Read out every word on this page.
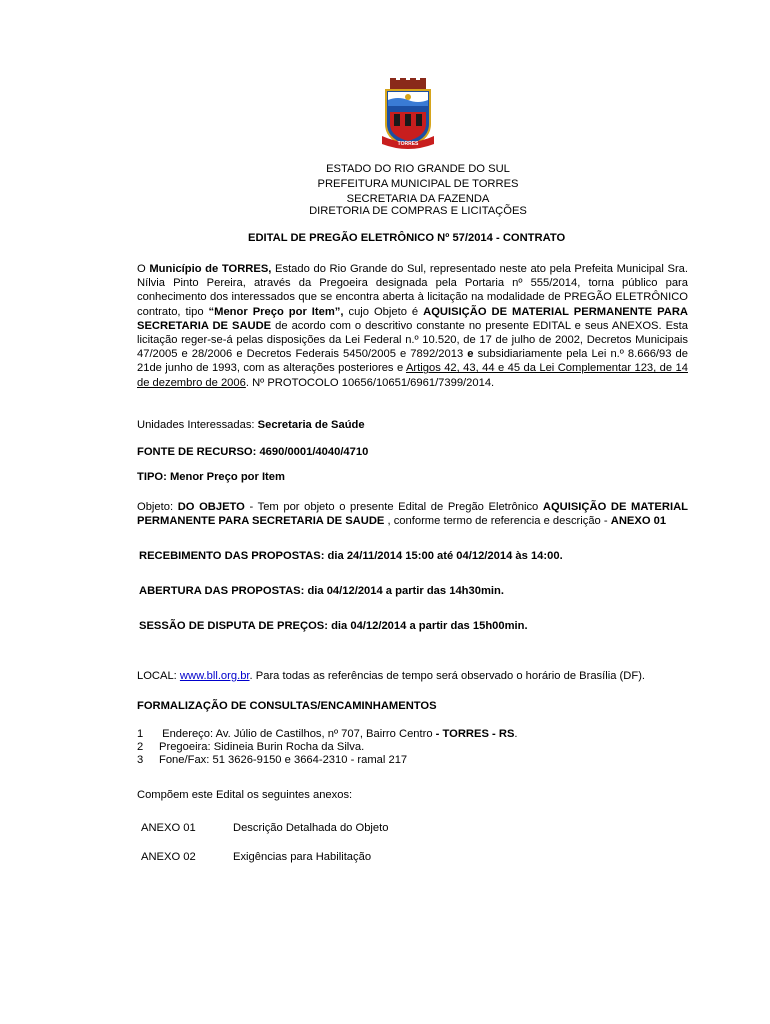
TORRES
ESTADO DO RIO GRANDE DO SUL
PREFEITURA MUNICIPAL DE TORRES
SECRETARIA DA FAZENDA
DIRETORIA DE COMPRAS E LICITAÇÕES
EDITAL DE PREGÃO ELETRÔNICO Nº 57/2014 - CONTRATO
O Município de TORRES, Estado do Rio Grande do Sul, representado neste ato pela Prefeita Municipal Sra. Nílvia Pinto Pereira, através da Pregoeira designada pela Portaria nº 555/2014, torna público para conhecimento dos interessados que se encontra aberta à licitação na modalidade de PREGÃO ELETRÔNICO contrato, tipo “Menor Preço por Item”, cujo Objeto é AQUISIÇÃO DE MATERIAL PERMANENTE PARA SECRETARIA DE SAUDE de acordo com o descritivo constante no presente EDITAL e seus ANEXOS. Esta licitação reger-se-á pelas disposições da Lei Federal n.º 10.520, de 17 de julho de 2002, Decretos Municipais 47/2005 e 28/2006 e Decretos Federais 5450/2005 e 7892/2013 e subsidiariamente pela Lei n.º 8.666/93 de 21de junho de 1993, com as alterações posteriores e Artigos 42, 43, 44 e 45 da Lei Complementar 123, de 14 de dezembro de 2006. Nº PROTOCOLO 10656/10651/6961/7399/2014.
Unidades Interessadas: Secretaria de Saúde
FONTE DE RECURSO: 4690/0001/4040/4710
TIPO: Menor Preço por Item
Objeto: DO OBJETO - Tem por objeto o presente Edital de Pregão Eletrônico AQUISIÇÃO DE MATERIAL PERMANENTE PARA SECRETARIA DE SAUDE , conforme termo de referencia e descrição - ANEXO 01
RECEBIMENTO DAS PROPOSTAS: dia 24/11/2014 15:00 até 04/12/2014 às 14:00.
ABERTURA DAS PROPOSTAS: dia 04/12/2014 a partir das 14h30min.
SESSÃO DE DISPUTA DE PREÇOS: dia 04/12/2014 a partir das 15h00min.
LOCAL: www.bll.org.br. Para todas as referências de tempo será observado o horário de Brasília (DF).
FORMALIZAÇÃO DE CONSULTAS/ENCAMINHAMENTOS
1 Endereço: Av. Júlio de Castilhos, nº 707, Bairro Centro - TORRES - RS.
2 Pregoeira: Sidineia Burin Rocha da Silva.
3 Fone/Fax: 51 3626-9150 e 3664-2310 - ramal 217
Compõem este Edital os seguintes anexos:
ANEXO 01	Descrição Detalhada do Objeto
ANEXO 02	Exigências para Habilitação
